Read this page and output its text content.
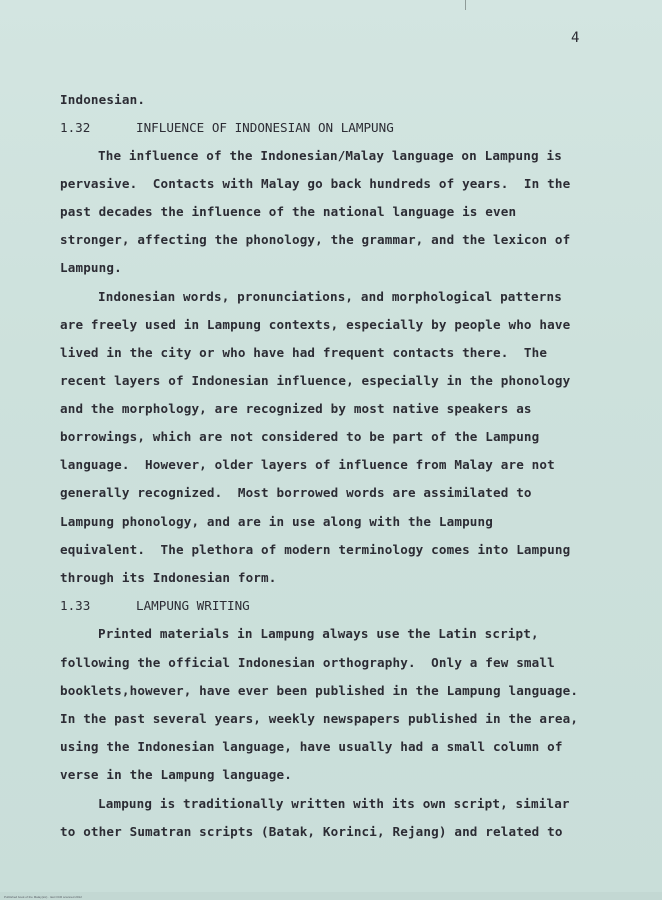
4
Indonesian.
1.32	INFLUENCE OF INDONESIAN ON LAMPUNG
The influence of the Indonesian/Malay language on Lampung is
pervasive.  Contacts with Malay go back hundreds of years.  In the
past decades the influence of the national language is even
stronger, affecting the phonology, the grammar, and the lexicon of
Lampung.
Indonesian words, pronunciations, and morphological patterns
are freely used in Lampung contexts, especially by people who have
lived in the city or who have had frequent contacts there.  The
recent layers of Indonesian influence, especially in the phonology
and the morphology, are recognized by most native speakers as
borrowings, which are not considered to be part of the Lampung
language.  However, older layers of influence from Malay are not
generally recognized.  Most borrowed words are assimilated to
Lampung phonology, and are in use along with the Lampung
equivalent.  The plethora of modern terminology comes into Lampung
through its Indonesian form.
1.33	LAMPUNG WRITING
Printed materials in Lampung always use the Latin script,
following the official Indonesian orthography.  Only a few small
booklets,however, have ever been published in the Lampung language.
In the past several years, weekly newspapers published in the area,
using the Indonesian language, have usually had a small column of
verse in the Lampung language.
Lampung is traditionally written with its own script, similar
to other Sumatran scripts (Batak, Korinci, Rejang) and related to
Published book of the Malay(sic) · last OCR scanned 2012
